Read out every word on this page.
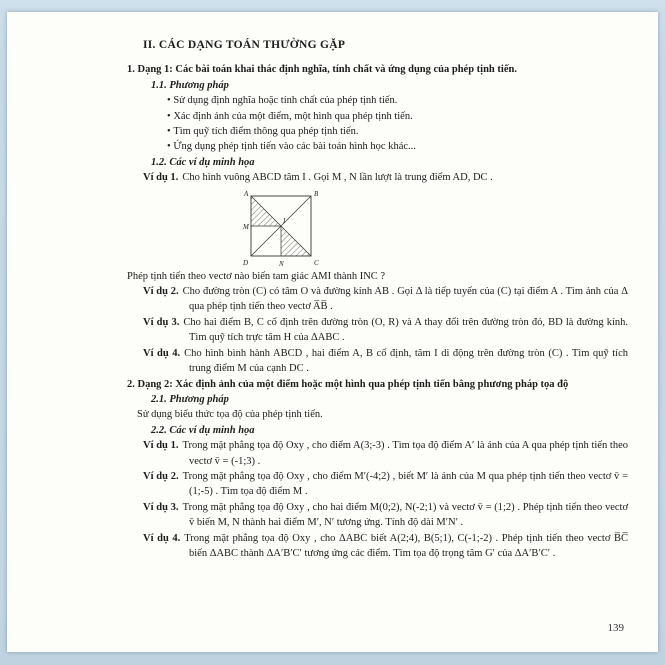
II. CÁC DẠNG TOÁN THƯỜNG GẶP

1. Dạng 1: Các bài toán khai thác định nghĩa, tính chất và ứng dụng của phép tịnh tiến.

1.1. Phương pháp

• Sử dụng định nghĩa hoặc tính chất của phép tịnh tiến.

• Xác định ảnh của một điểm, một hình qua phép tịnh tiến.

• Tìm quỹ tích điểm thông qua phép tịnh tiến.

• Ứng dụng phép tịnh tiến vào các bài toán hình học khác...

1.2. Các ví dụ minh họa

Ví dụ 1. Cho hình vuông ABCD tâm I . Gọi M , N lần lượt là trung điểm AD, DC .

A	B
D	C
M
N
I

Phép tịnh tiến theo vectơ nào biến tam giác AMI thành INC ?

Ví dụ 2. Cho đường tròn (C) có tâm O và đường kính AB . Gọi Δ là tiếp tuyến của (C) tại điểm A . Tìm ảnh của Δ qua phép tịnh tiến theo vectơ A̅B̅ .

Ví dụ 3. Cho hai điểm B, C cố định trên đường tròn (O, R) và A thay đổi trên đường tròn đó, BD là đường kính. Tìm quỹ tích trực tâm H của ΔABC .

Ví dụ 4. Cho hình bình hành ABCD , hai điểm A, B cố định, tâm I di động trên đường tròn (C) . Tìm quỹ tích trung điểm M của cạnh DC .

2. Dạng 2: Xác định ảnh của một điểm hoặc một hình qua phép tịnh tiến bằng phương pháp tọa độ

2.1. Phương pháp

Sử dụng biểu thức tọa độ của phép tịnh tiến.

2.2. Các ví dụ minh họa

Ví dụ 1. Trong mặt phẳng tọa độ Oxy , cho điểm A(3;-3) . Tìm tọa độ điểm A′ là ảnh của A qua phép tịnh tiến theo vectơ v̄ = (-1;3) .

Ví dụ 2. Trong mặt phẳng tọa độ Oxy , cho điểm M′(-4;2) , biết M′ là ảnh của M qua phép tịnh tiến theo vectơ v̄ = (1;-5) . Tìm tọa độ điểm M .

Ví dụ 3. Trong mặt phẳng tọa độ Oxy , cho hai điểm M(0;2), N(-2;1) và vectơ v̄ = (1;2) . Phép tịnh tiến theo vectơ v̄ biến M, N thành hai điểm M′, N′ tương ứng. Tính độ dài M′N′ .

Ví dụ 4. Trong mặt phẳng tọa độ Oxy , cho ΔABC biết A(2;4), B(5;1), C(-1;-2) . Phép tịnh tiến theo vectơ B̅C̅ biến ΔABC thành ΔA′B′C′ tương ứng các điểm. Tìm tọa độ trọng tâm G′ của ΔA′B′C′ .

139
